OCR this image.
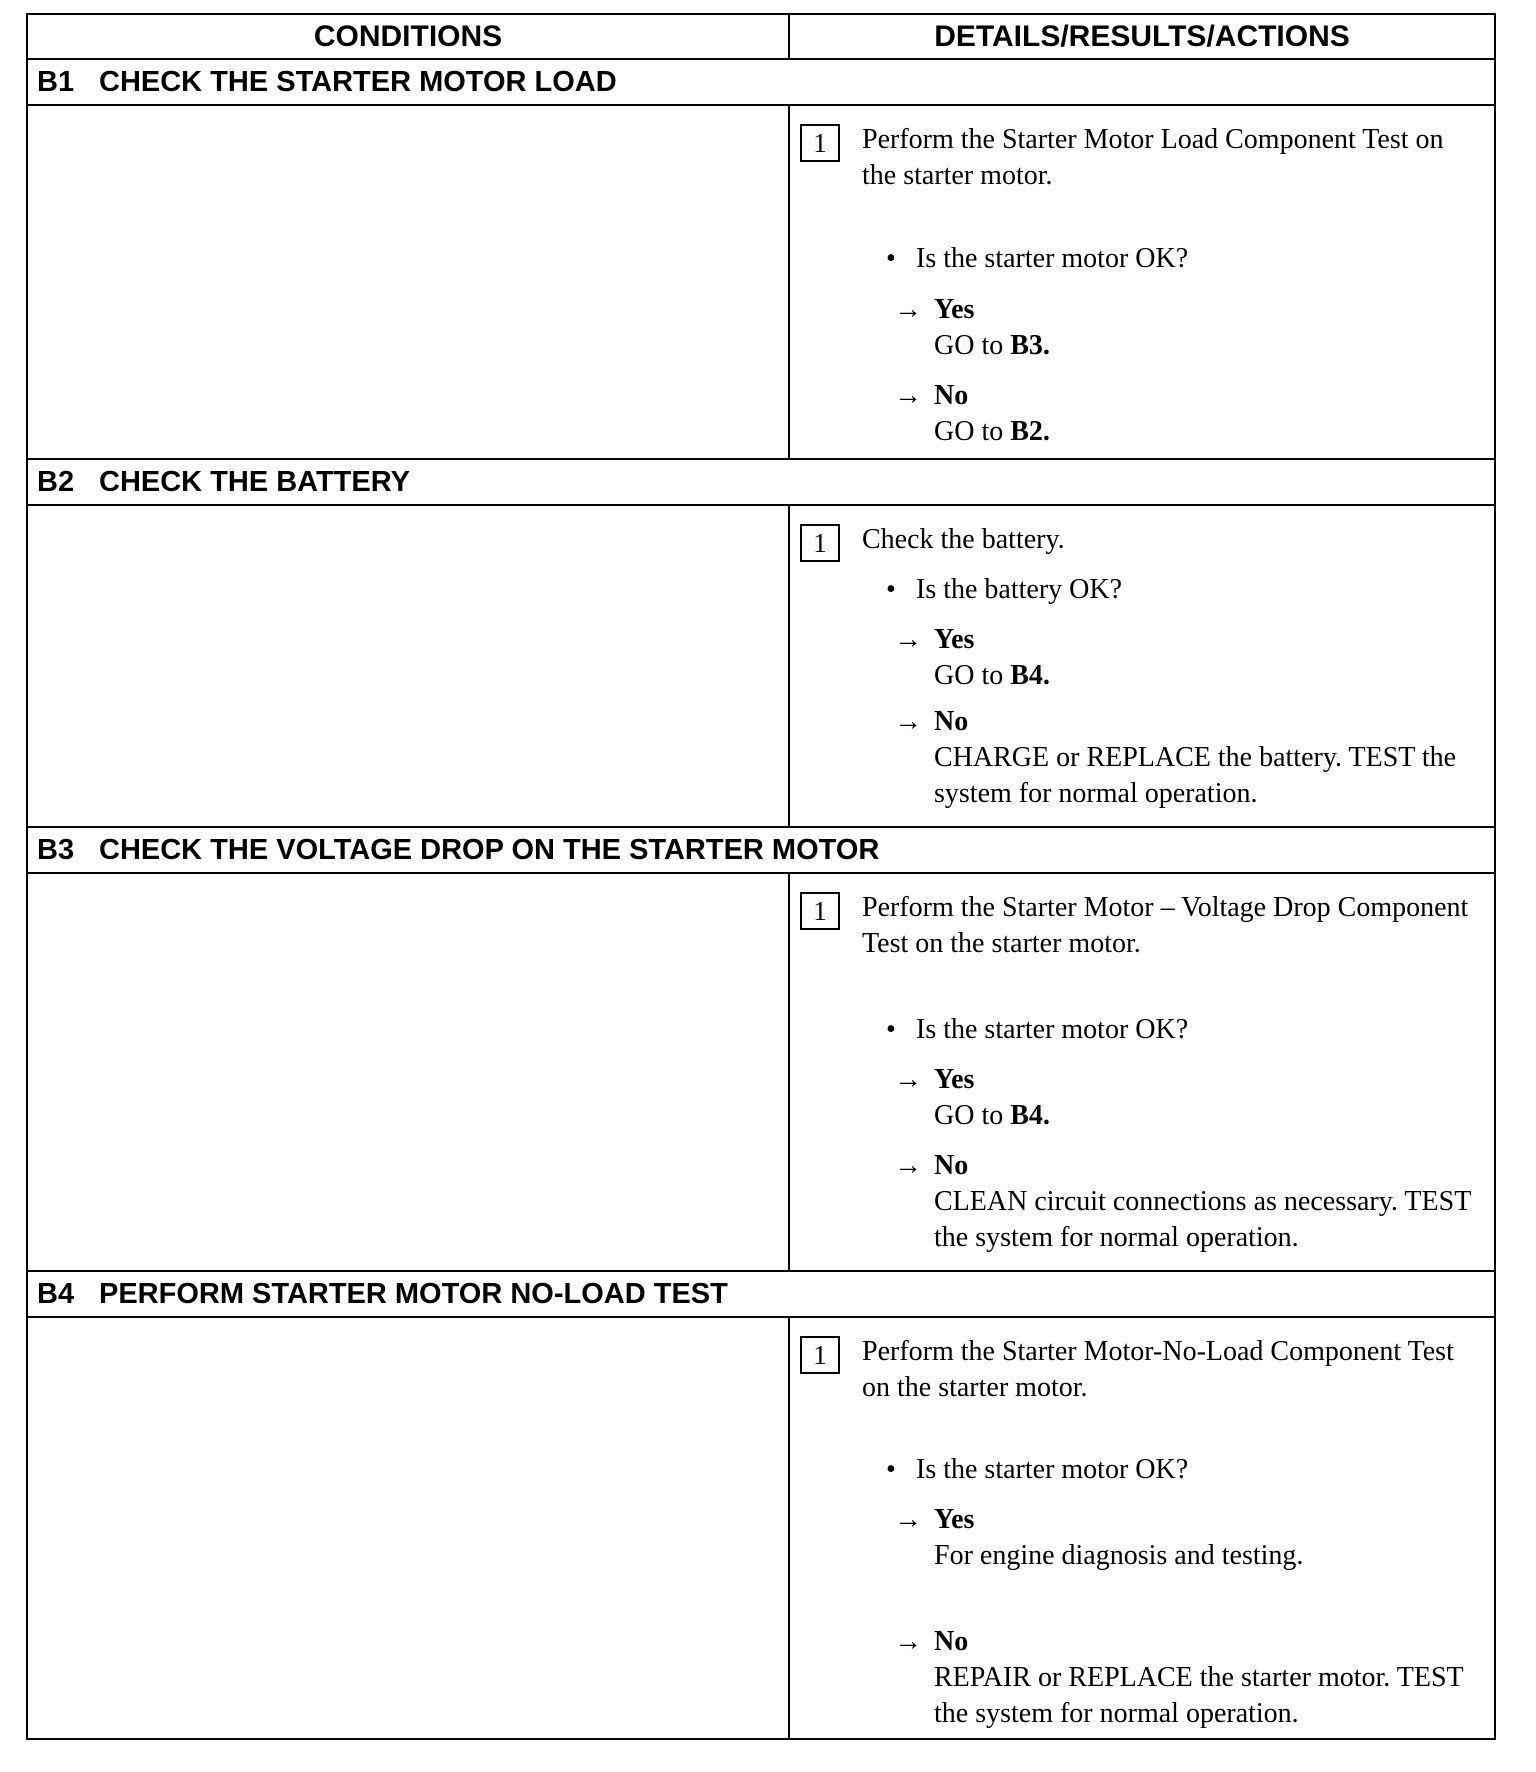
CONDITIONS	DETAILS/RESULTS/ACTIONS
B1 CHECK THE STARTER MOTOR LOAD
1	Perform the Starter Motor Load Component Test on the starter motor.
• Is the starter motor OK?
→ Yes
GO to B3.
→ No
GO to B2.
B2 CHECK THE BATTERY
1	Check the battery.
• Is the battery OK?
→ Yes
GO to B4.
→ No
CHARGE or REPLACE the battery. TEST the system for normal operation.
B3 CHECK THE VOLTAGE DROP ON THE STARTER MOTOR
1	Perform the Starter Motor – Voltage Drop Component Test on the starter motor.
• Is the starter motor OK?
→ Yes
GO to B4.
→ No
CLEAN circuit connections as necessary. TEST the system for normal operation.
B4 PERFORM STARTER MOTOR NO-LOAD TEST
1	Perform the Starter Motor-No-Load Component Test on the starter motor.
• Is the starter motor OK?
→ Yes
For engine diagnosis and testing.
→ No
REPAIR or REPLACE the starter motor. TEST the system for normal operation.
